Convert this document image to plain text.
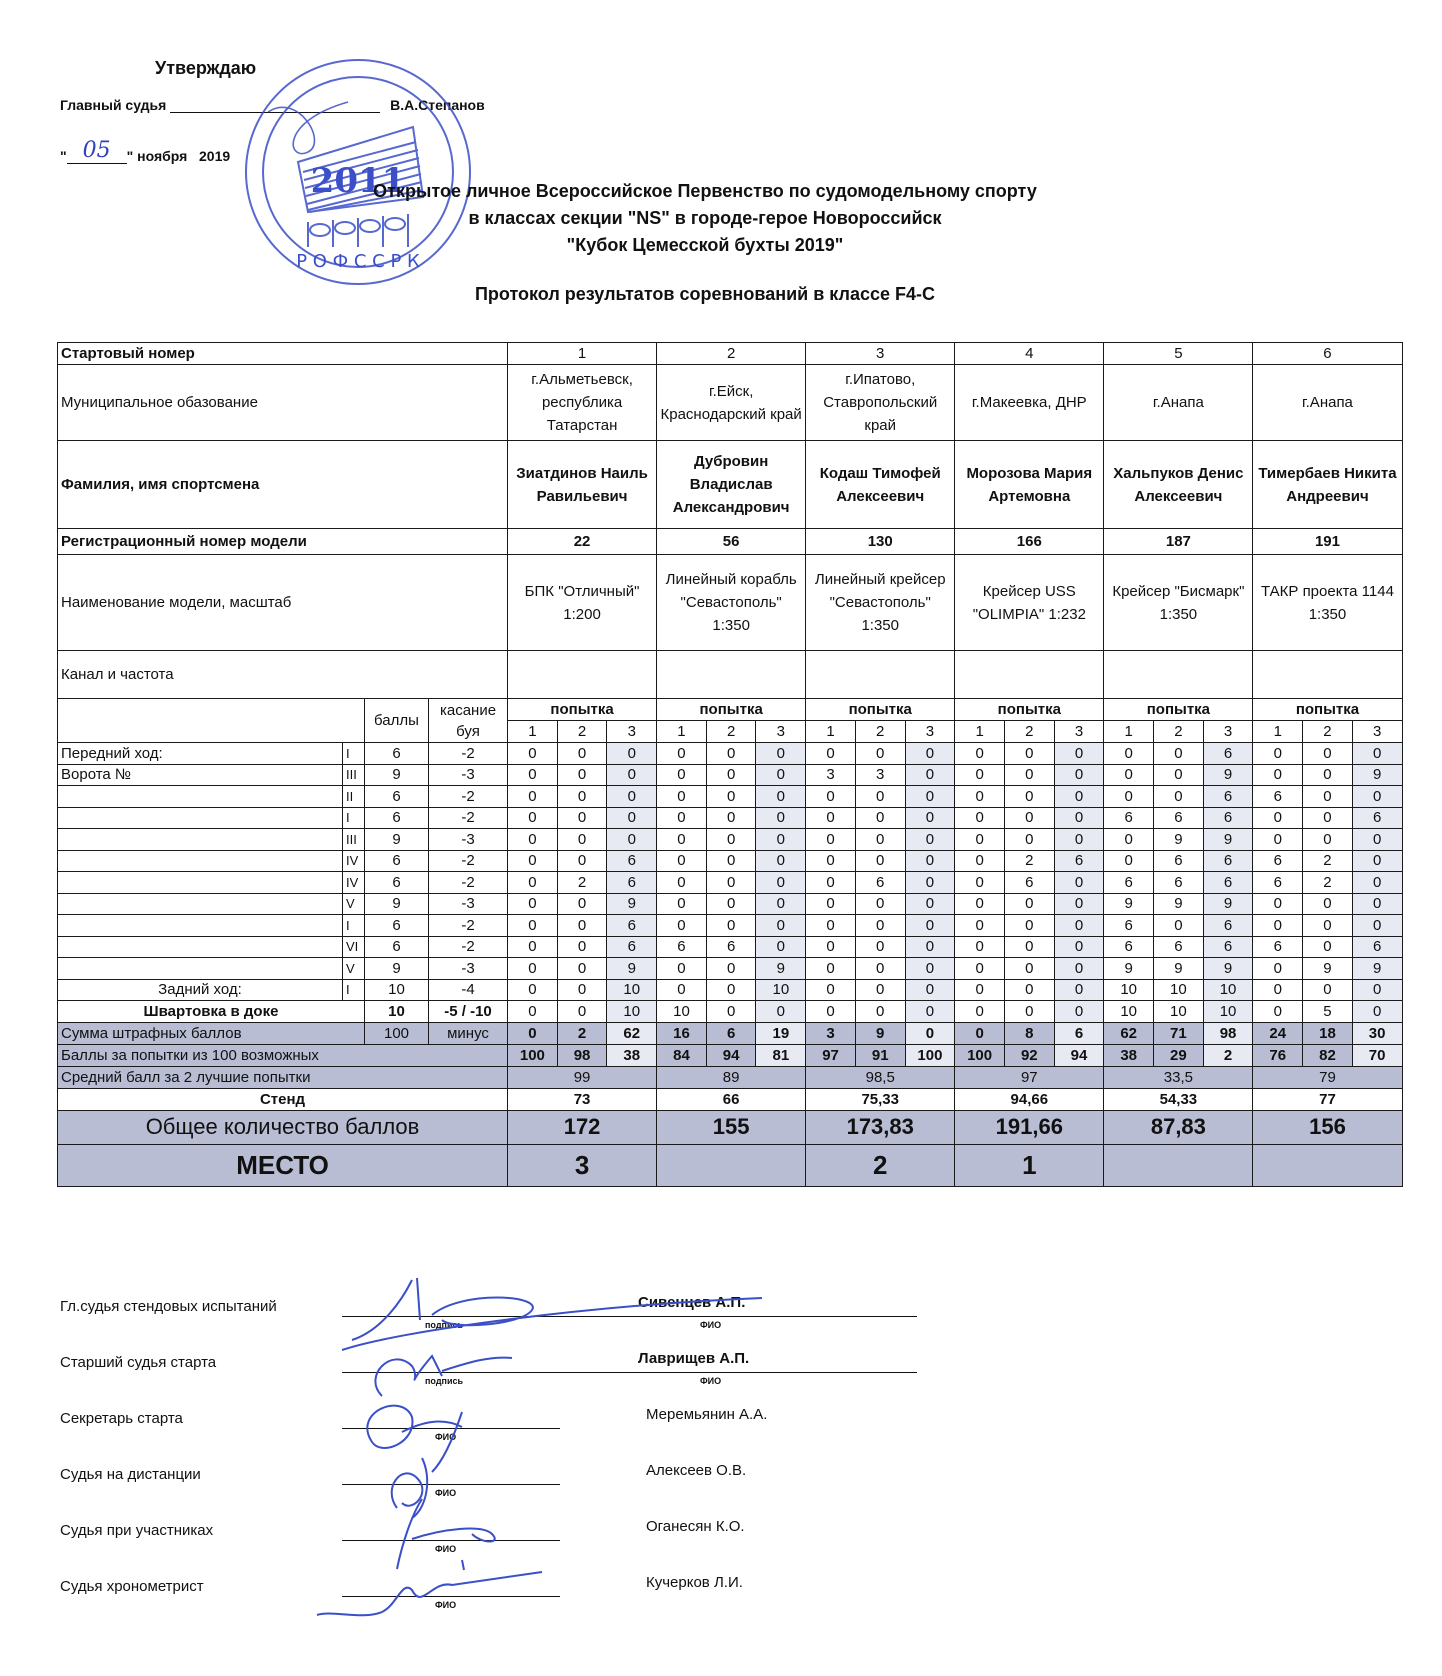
Утверждаю
Главный судья	В.А.Степанов
" 05 " ноября   2019
2011
Р О Ф С С Р К
Открытое личное Всероссийское Первенство по судомодельному спорту
в классах секции "NS" в городе-герое Новороссийск
"Кубок Цемесской бухты 2019"
Протокол результатов соревнований в классе F4-C
Стартовый номер				1			2			3			4			5			6		
Муниципальное обазование				г.Альметьевск, республика Татарстан			г.Ейск, Краснодарский край			г.Ипатово, Ставропольский край			г.Макеевка, ДНР			г.Анапа			г.Анапа		
Фамилия, имя спортсмена				Зиатдинов Наиль Равильевич			Дубровин Владислав Александрович			Кодаш Тимофей Алексеевич			Морозова Мария Артемовна			Хальпуков Денис Алексеевич			Тимербаев Никита Андреевич		
Регистрационный номер модели				22			56			130			166			187			191		
Наименование модели, масштаб				БПК "Отличный" 1:200			Линейный корабль "Севастополь" 1:350			Линейный крейсер "Севастополь" 1:350			Крейсер USS "OLIMPIA" 1:232			Крейсер "Бисмарк" 1:350			ТАКР проекта 1144 1:350		
Канал и частота																					
		баллы	касание буя	попытка			попытка			попытка			попытка			попытка			попытка		
				1	2	3	1	2	3	1	2	3	1	2	3	1	2	3	1	2	3
Передний ход:	I	6	-2	0	0	0	0	0	0	0	0	0	0	0	0	0	0	6	0	0	0
Ворота №	III	9	-3	0	0	0	0	0	0	3	3	0	0	0	0	0	0	9	0	0	9
	II	6	-2	0	0	0	0	0	0	0	0	0	0	0	0	0	0	6	6	0	0
	I	6	-2	0	0	0	0	0	0	0	0	0	0	0	0	6	6	6	0	0	6
	III	9	-3	0	0	0	0	0	0	0	0	0	0	0	0	0	9	9	0	0	0
	IV	6	-2	0	0	6	0	0	0	0	0	0	0	2	6	0	6	6	6	2	0
	IV	6	-2	0	2	6	0	0	0	0	6	0	0	6	0	6	6	6	6	2	0
	V	9	-3	0	0	9	0	0	0	0	0	0	0	0	0	9	9	9	0	0	0
	I	6	-2	0	0	6	0	0	0	0	0	0	0	0	0	6	0	6	0	0	0
	VI	6	-2	0	0	6	6	6	0	0	0	0	0	0	0	6	6	6	6	0	6
	V	9	-3	0	0	9	0	0	9	0	0	0	0	0	0	9	9	9	0	9	9
Задний ход:	I	10	-4	0	0	10	0	0	10	0	0	0	0	0	0	10	10	10	0	0	0
Швартовка в доке		10	-5 / -10	0	0	10	10	0	0	0	0	0	0	0	0	10	10	10	0	5	0
Сумма штрафных баллов		100	минус	0	2	62	16	6	19	3	9	0	0	8	6	62	71	98	24	18	30
Баллы за попытки из 100 возможных				100	98	38	84	94	81	97	91	100	100	92	94	38	29	2	76	82	70
Средний балл за 2 лучшие попытки				99			89			98,5			97			33,5			79		
Стенд				73			66			75,33			94,66			54,33			77		
Общее количество баллов				172			155			173,83			191,66			87,83			156		
МЕСТО				3						2			1								
Гл.судья стендовых испытаний
подпись
Сивенцев А.П.
ФИО
Старший судья старта
подпись
Лаврищев А.П.
ФИО
Секретарь старта
ФИО
Меремьянин А.А.
Судья на дистанции
ФИО
Алексеев О.В.
Судья при участниках
ФИО
Оганесян К.О.
Судья хронометрист
ФИО
Кучерков Л.И.
